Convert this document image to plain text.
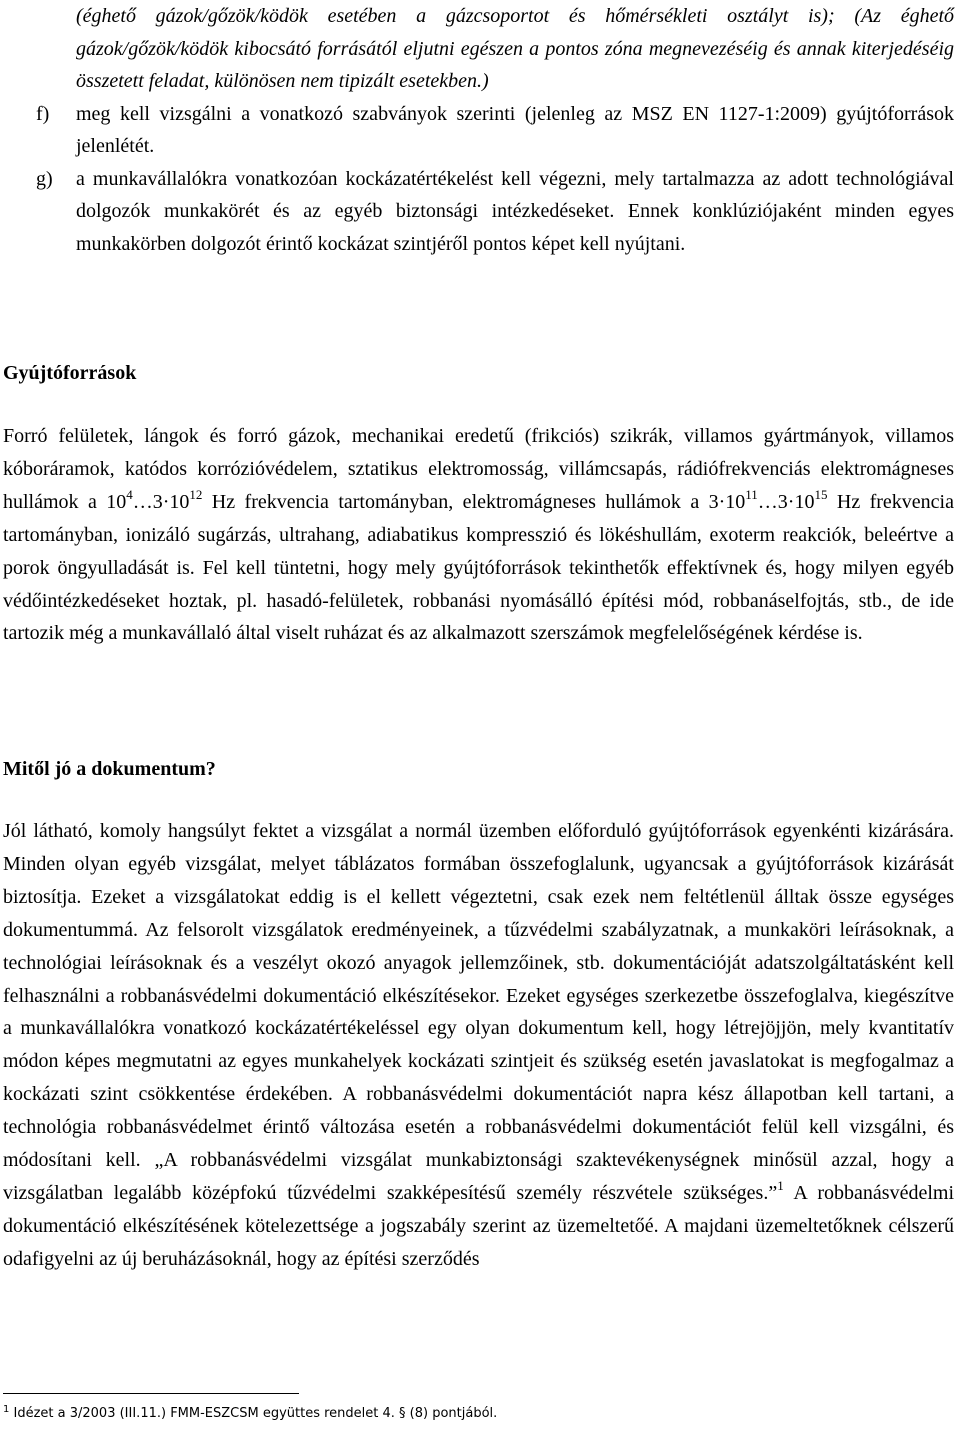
(éghető gázok/gőzök/ködök esetében a gázcsoportot és hőmérsékleti osztályt is); (Az éghető gázok/gőzök/ködök kibocsátó forrásától eljutni egészen a pontos zóna megnevezéséig és annak kiterjedéséig összetett feladat, különösen nem tipizált esetekben.)
f) meg kell vizsgálni a vonatkozó szabványok szerinti (jelenleg az MSZ EN 1127-1:2009) gyújtóforrások jelenlétét.
g) a munkavállalókra vonatkozóan kockázatértékelést kell végezni, mely tartalmazza az adott technológiával dolgozók munkakörét és az egyéb biztonsági intézkedéseket. Ennek konklúziójaként minden egyes munkakörben dolgozót érintő kockázat szintjéről pontos képet kell nyújtani.
Gyújtóforrások
Forró felületek, lángok és forró gázok, mechanikai eredetű (frikciós) szikrák, villamos gyártmányok, villamos kóboráramok, katódos korrózióvédelem, sztatikus elektromosság, villámcsapás, rádiófrekvenciás elektromágneses hullámok a $10^4\dots 3\cdot 10^{12}$ Hz frekvencia tartományban, elektromágneses hullámok a $3\cdot 10^{11}\dots 3\cdot 10^{15}$ Hz frekvencia tartományban, ionizáló sugárzás, ultrahang, adiabatikus kompresszió és lökéshullám, exoterm reakciók, beleértve a porok öngyulladását is. Fel kell tüntetni, hogy mely gyújtóforrások tekinthetők effektívnek és, hogy milyen egyéb védőintézkedéseket hoztak, pl. hasadó-felületek, robbanási nyomásálló építési mód, robbanáselfojtás, stb., de ide tartozik még a munkavállaló által viselt ruházat és az alkalmazott szerszámok megfelelőségének kérdése is.
Mitől jó a dokumentum?
Jól látható, komoly hangsúlyt fektet a vizsgálat a normál üzemben előforduló gyújtóforrások egyenkénti kizárására. Minden olyan egyéb vizsgálat, melyet táblázatos formában összefoglalunk, ugyancsak a gyújtóforrások kizárását biztosítja. Ezeket a vizsgálatokat eddig is el kellett végeztetni, csak ezek nem feltétlenül álltak össze egységes dokumentummá. Az felsorolt vizsgálatok eredményeinek, a tűzvédelmi szabályzatnak, a munkaköri leírásoknak, a technológiai leírásoknak és a veszélyt okozó anyagok jellemzőinek, stb. dokumentációját adatszolgáltatásként kell felhasználni a robbanásvédelmi dokumentáció elkészítésekor. Ezeket egységes szerkezetbe összefoglalva, kiegészítve a munkavállalókra vonatkozó kockázatértékeléssel egy olyan dokumentum kell, hogy létrejöjjön, mely kvantitatív módon képes megmutatni az egyes munkahelyek kockázati szintjeit és szükség esetén javaslatokat is megfogalmaz a kockázati szint csökkentése érdekében. A robbanásvédelmi dokumentációt napra kész állapotban kell tartani, a technológia robbanásvédelmet érintő változása esetén a robbanásvédelmi dokumentációt felül kell vizsgálni, és módosítani kell. „A robbanásvédelmi vizsgálat munkabiztonsági szaktevékenységnek minősül azzal, hogy a vizsgálatban legalább középfokú tűzvédelmi szakképesítésű személy részvétele szükséges.”$^1$ A robbanásvédelmi dokumentáció elkészítésének kötelezettsége a jogszabály szerint az üzemeltetőé. A majdani üzemeltetőknek célszerű odafigyelni az új beruházásoknál, hogy az építési szerződés
$^1$ Idézet a 3/2003 (III.11.) FMM-ESZCSM együttes rendelet 4. § (8) pontjából.
